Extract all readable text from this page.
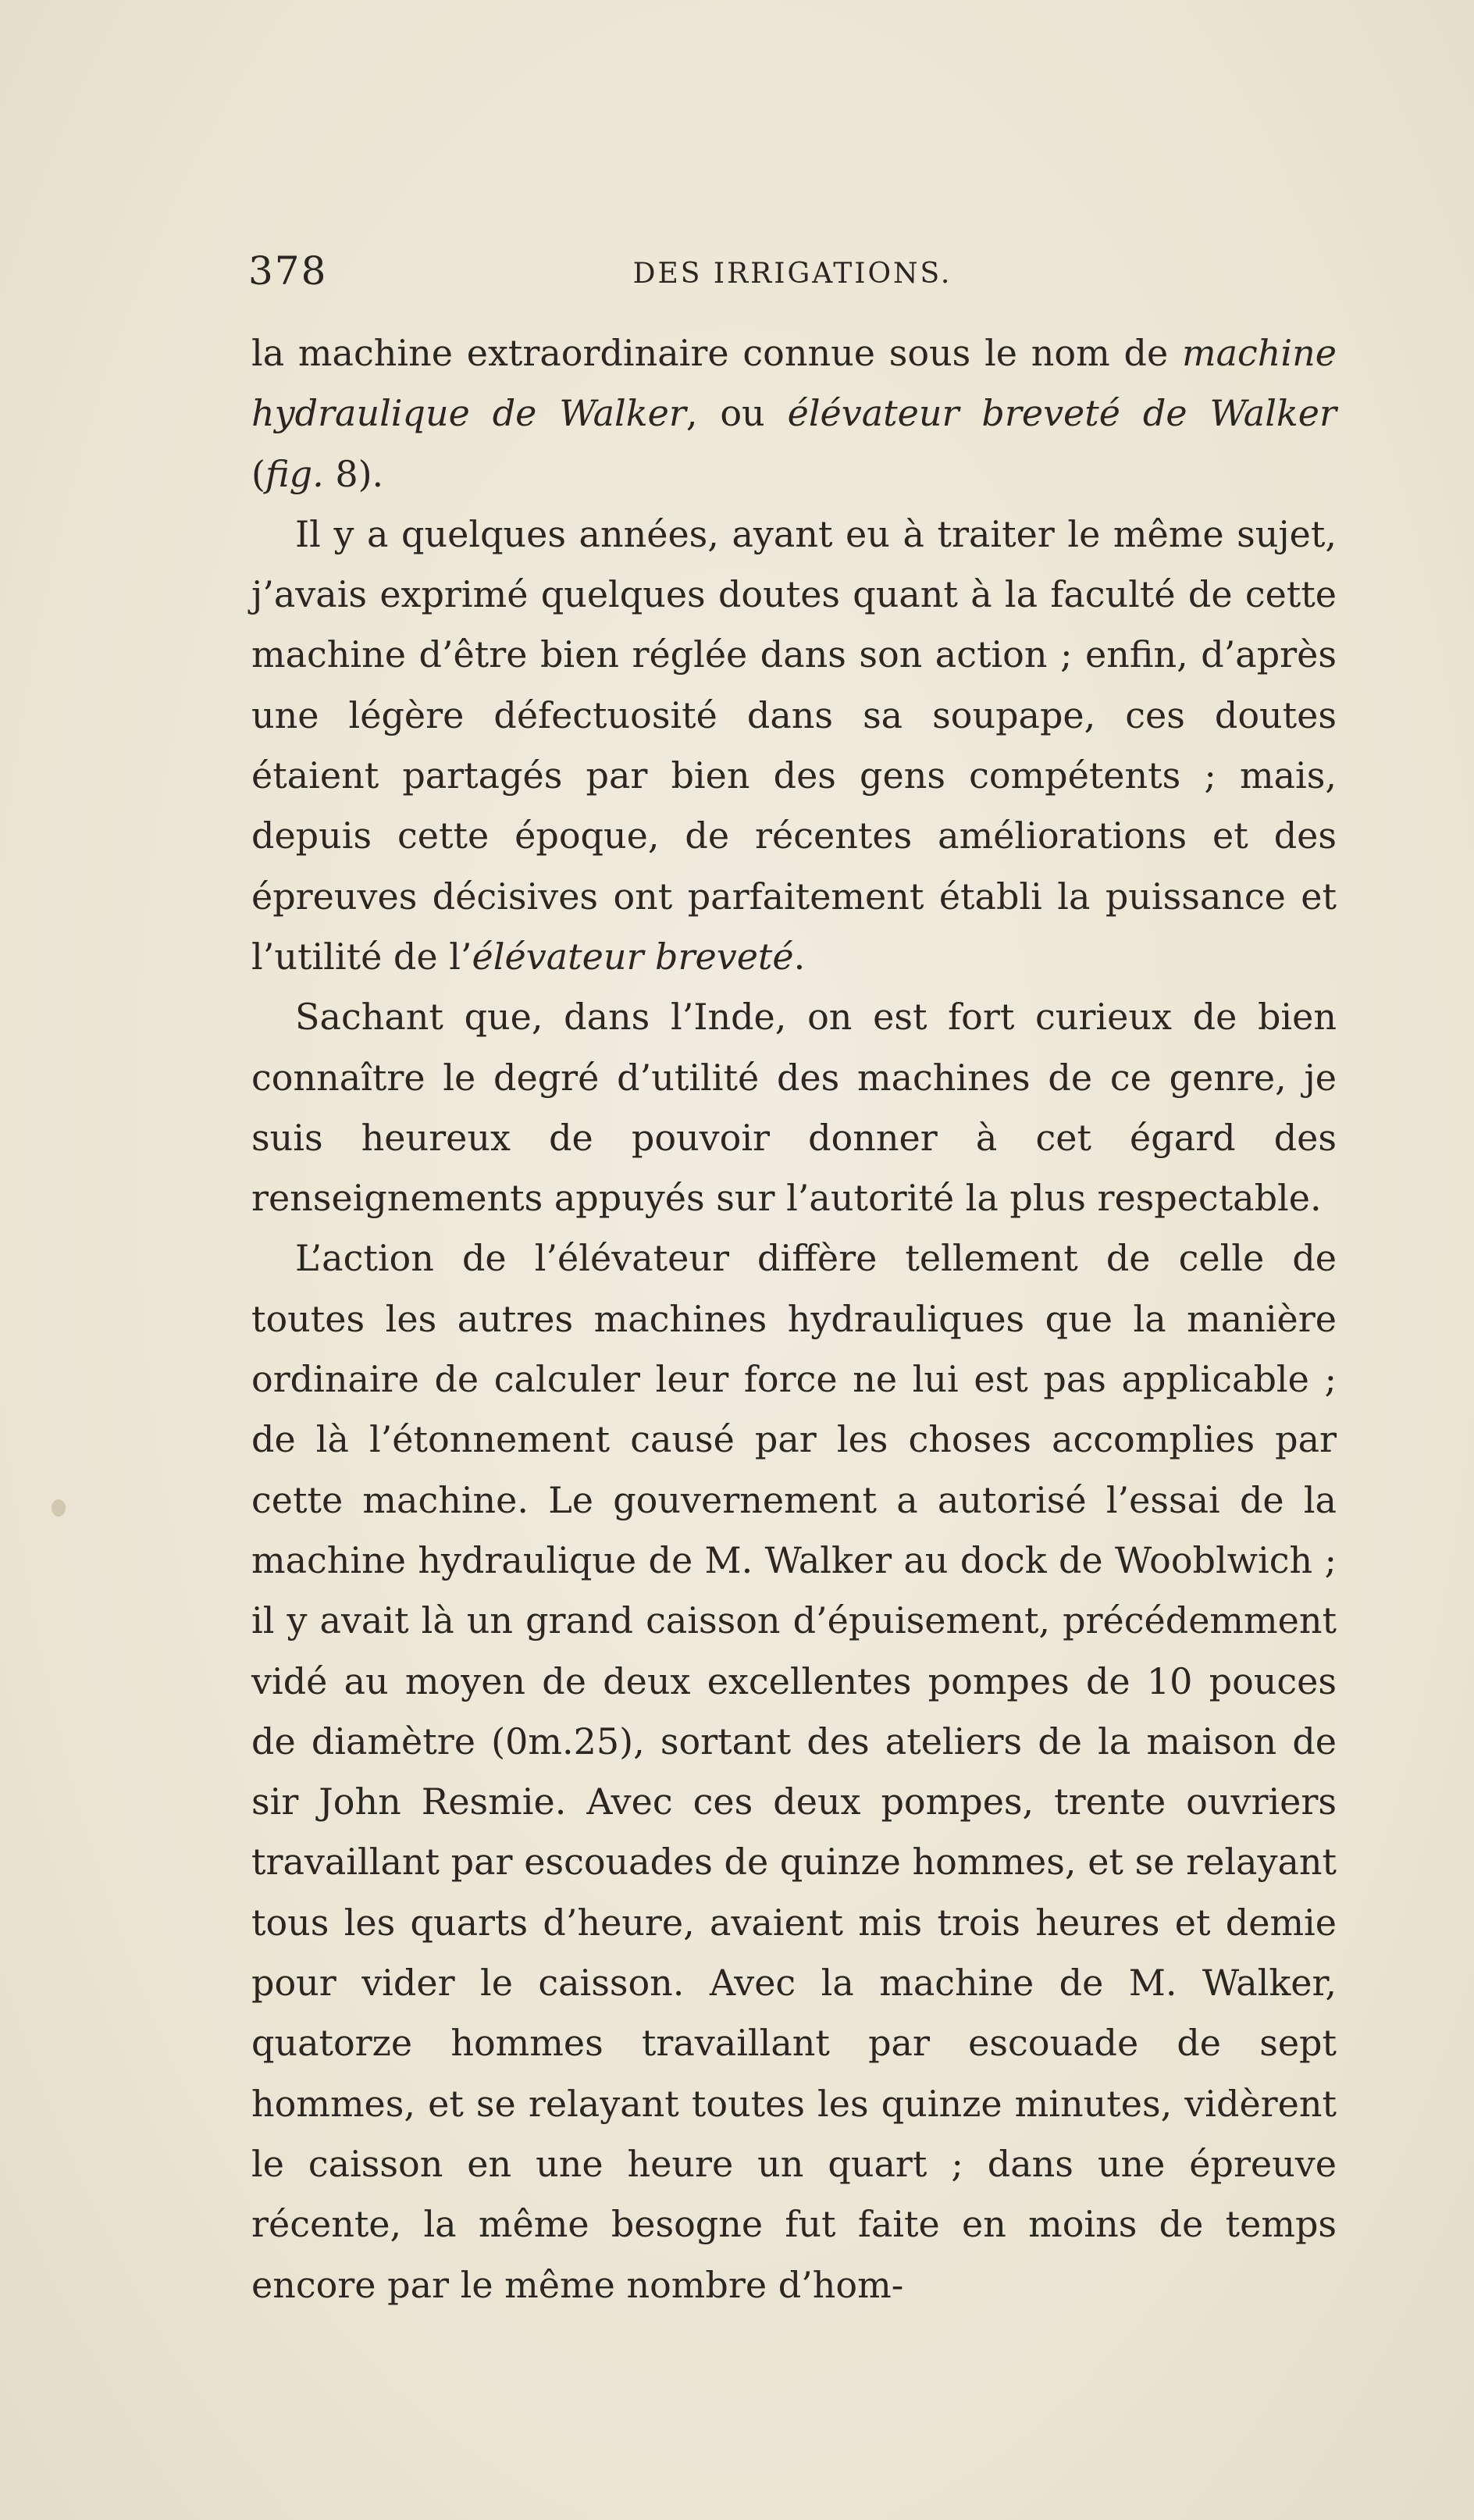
378	DES IRRIGATIONS.

la machine extraordinaire connue sous le nom de machine hydraulique de Walker, ou élévateur breveté de Walker (fig. 8).

Il y a quelques années, ayant eu à traiter le même sujet, j’avais exprimé quelques doutes quant à la faculté de cette machine d’être bien réglée dans son action ; enfin, d’après une légère défectuosité dans sa soupape, ces doutes étaient partagés par bien des gens compétents ; mais, depuis cette époque, de récentes améliorations et des épreuves décisives ont parfaitement établi la puissance et l’utilité de l’élévateur breveté.

Sachant que, dans l’Inde, on est fort curieux de bien connaître le degré d’utilité des machines de ce genre, je suis heureux de pouvoir donner à cet égard des renseignements appuyés sur l’autorité la plus respectable.

L’action de l’élévateur diffère tellement de celle de toutes les autres machines hydrauliques que la manière ordinaire de calculer leur force ne lui est pas applicable ; de là l’étonnement causé par les choses accomplies par cette machine. Le gouvernement a autorisé l’essai de la machine hydraulique de M. Walker au dock de Wooblwich ; il y avait là un grand caisson d’épuisement, précédemment vidé au moyen de deux excellentes pompes de 10 pouces de diamètre (0m.25), sortant des ateliers de la maison de sir John Resmie. Avec ces deux pompes, trente ouvriers travaillant par escouades de quinze hommes, et se relayant tous les quarts d’heure, avaient mis trois heures et demie pour vider le caisson. Avec la machine de M. Walker, quatorze hommes travaillant par escouade de sept hommes, et se relayant toutes les quinze minutes, vidèrent le caisson en une heure un quart ; dans une épreuve récente, la même besogne fut faite en moins de temps encore par le même nombre d’hom-
